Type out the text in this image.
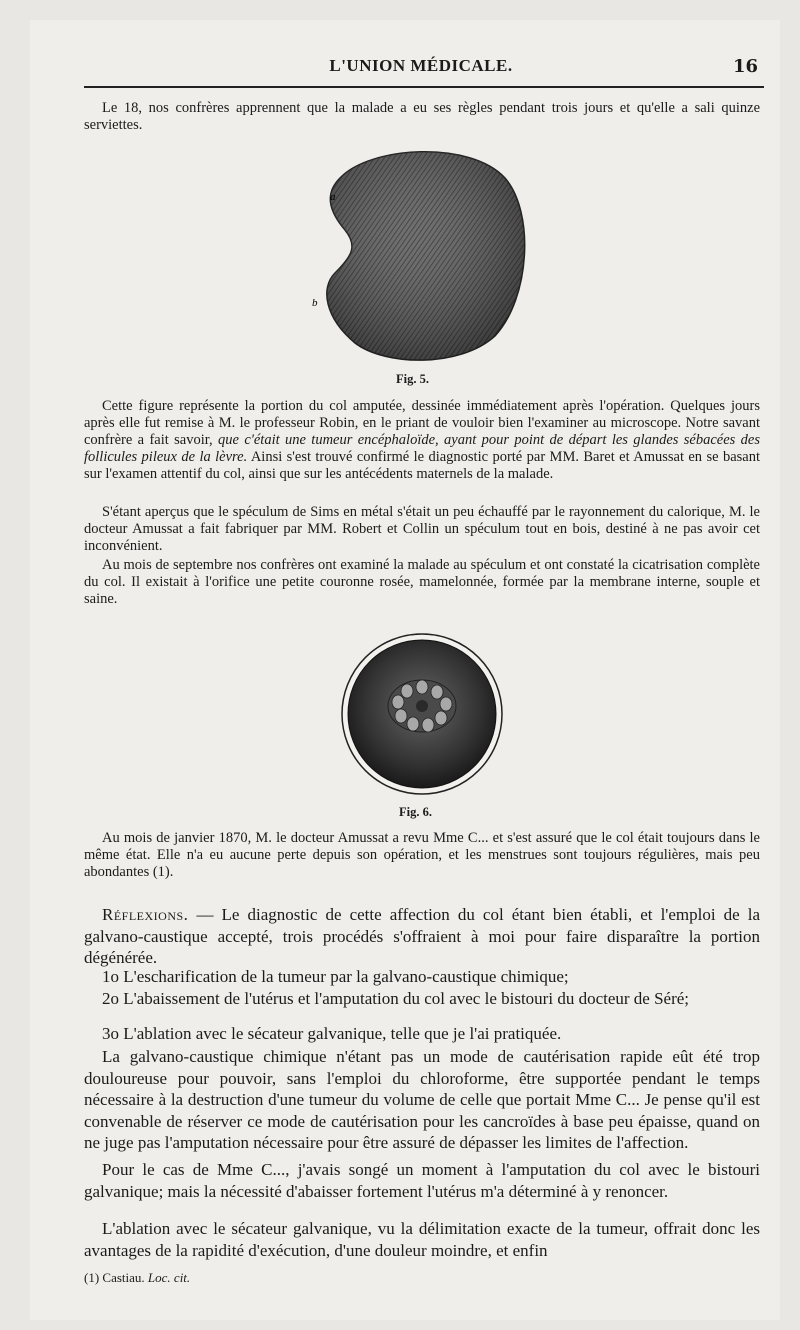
L'UNION MÉDICALE.	16

Le 18, nos confrères apprennent que la malade a eu ses règles pendant trois jours et qu'elle a sali quinze serviettes.

a
b
Fig. 5.

Cette figure représente la portion du col amputée, dessinée immédiatement après l'opération. Quelques jours après elle fut remise à M. le professeur Robin, en le priant de vouloir bien l'examiner au microscope. Notre savant confrère a fait savoir, que c'était une tumeur encéphaloïde, ayant pour point de départ les glandes sébacées des follicules pileux de la lèvre. Ainsi s'est trouvé confirmé le diagnostic porté par MM. Baret et Amussat en se basant sur l'examen attentif du col, ainsi que sur les antécédents maternels de la malade.

S'étant aperçus que le spéculum de Sims en métal s'était un peu échauffé par le rayonnement du calorique, M. le docteur Amussat a fait fabriquer par MM. Robert et Collin un spéculum tout en bois, destiné à ne pas avoir cet inconvénient.

Au mois de septembre nos confrères ont examiné la malade au spéculum et ont constaté la cicatrisation complète du col. Il existait à l'orifice une petite couronne rosée, mamelonnée, formée par la membrane interne, souple et saine.

Fig. 6.

Au mois de janvier 1870, M. le docteur Amussat a revu Mme C... et s'est assuré que le col était toujours dans le même état. Elle n'a eu aucune perte depuis son opération, et les menstrues sont toujours régulières, mais peu abondantes (1).

Réflexions. — Le diagnostic de cette affection du col étant bien établi, et l'emploi de la galvano-caustique accepté, trois procédés s'offraient à moi pour faire disparaître la portion dégénérée.

1o L'escharification de la tumeur par la galvano-caustique chimique;

2o L'abaissement de l'utérus et l'amputation du col avec le bistouri du docteur de Séré;

3o L'ablation avec le sécateur galvanique, telle que je l'ai pratiquée.

La galvano-caustique chimique n'étant pas un mode de cautérisation rapide eût été trop douloureuse pour pouvoir, sans l'emploi du chloroforme, être supportée pendant le temps nécessaire à la destruction d'une tumeur du volume de celle que portait Mme C... Je pense qu'il est convenable de réserver ce mode de cautérisation pour les cancroïdes à base peu épaisse, quand on ne juge pas l'amputation nécessaire pour être assuré de dépasser les limites de l'affection.

Pour le cas de Mme C..., j'avais songé un moment à l'amputation du col avec le bistouri galvanique; mais la nécessité d'abaisser fortement l'utérus m'a déterminé à y renoncer.

L'ablation avec le sécateur galvanique, vu la délimitation exacte de la tumeur, offrait donc les avantages de la rapidité d'exécution, d'une douleur moindre, et enfin

(1) Castiau. Loc. cit.
